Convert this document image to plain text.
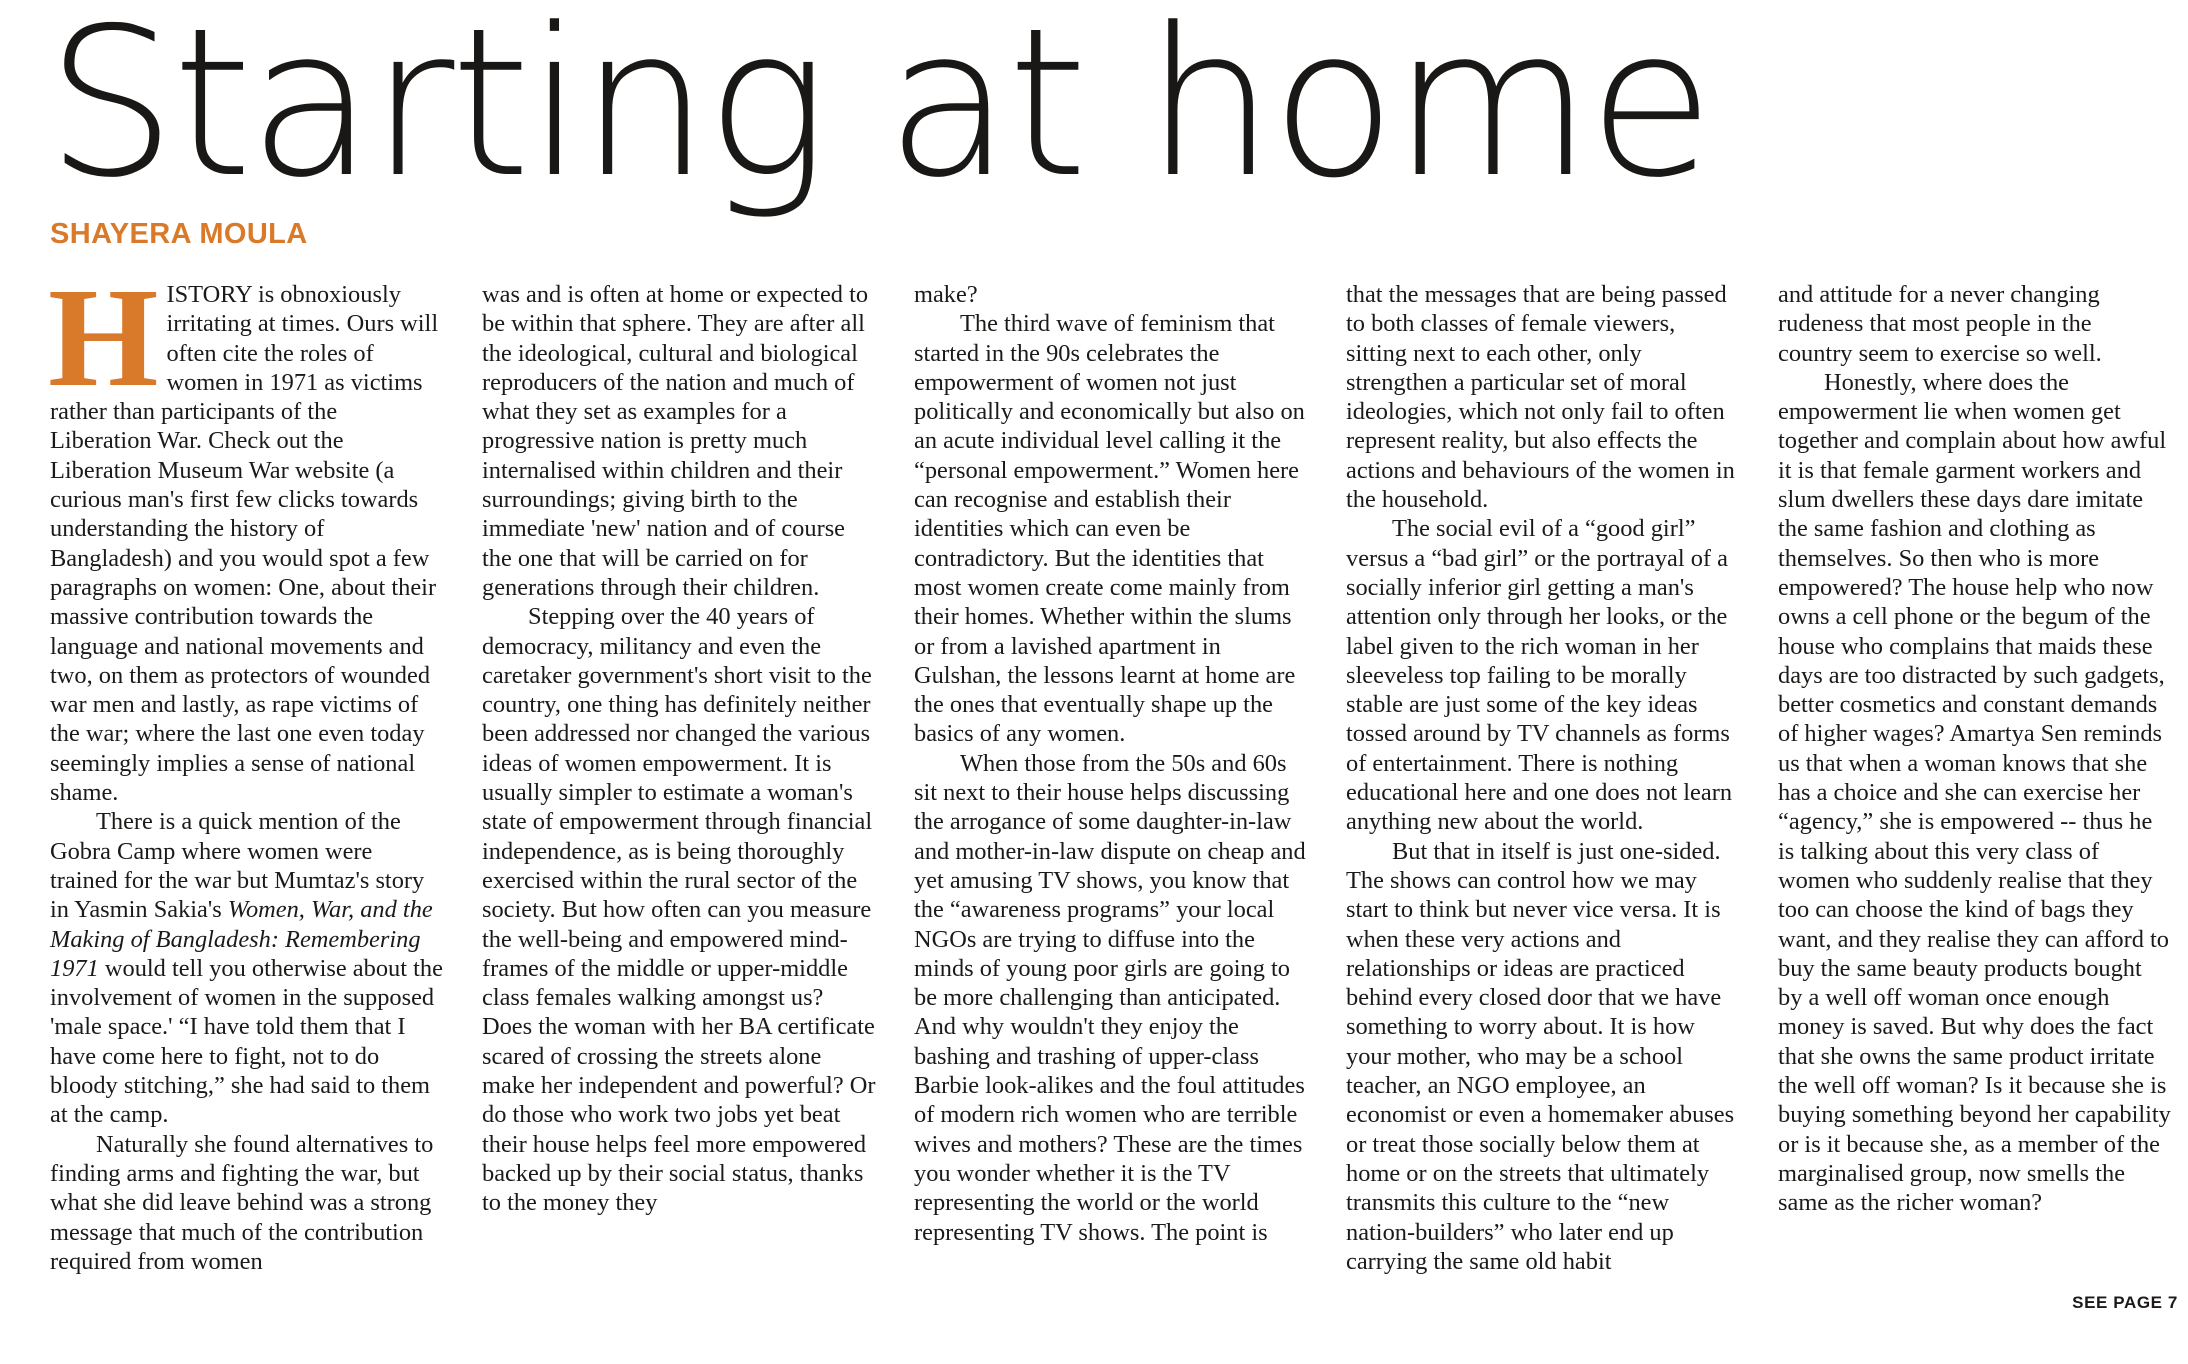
Starting at home
SHAYERA MOULA

HISTORY is obnoxiously irritating at times. Ours will often cite the roles of women in 1971 as victims rather than participants of the Liberation War. Check out the Liberation Museum War website (a curious man's first few clicks towards understanding the history of Bangladesh) and you would spot a few paragraphs on women: One, about their massive contribution towards the language and national movements and two, on them as protectors of wounded war men and lastly, as rape victims of the war; where the last one even today seemingly implies a sense of national shame.

There is a quick mention of the Gobra Camp where women were trained for the war but Mumtaz's story in Yasmin Sakia's Women, War, and the Making of Bangladesh: Remembering 1971 would tell you otherwise about the involvement of women in the supposed 'male space.' “I have told them that I have come here to fight, not to do bloody stitching,” she had said to them at the camp.

Naturally she found alternatives to finding arms and fighting the war, but what she did leave behind was a strong message that much of the contribution required from women

was and is often at home or expected to be within that sphere. They are after all the ideological, cultural and biological reproducers of the nation and much of what they set as examples for a progressive nation is pretty much internalised within children and their surroundings; giving birth to the immediate 'new' nation and of course the one that will be carried on for generations through their children.

Stepping over the 40 years of democracy, militancy and even the caretaker government's short visit to the country, one thing has definitely neither been addressed nor changed the various ideas of women empowerment. It is usually simpler to estimate a woman's state of empowerment through financial independence, as is being thoroughly exercised within the rural sector of the society. But how often can you measure the well-being and empowered mind-frames of the middle or upper-middle class females walking amongst us? Does the woman with her BA certificate scared of crossing the streets alone make her independent and powerful? Or do those who work two jobs yet beat their house helps feel more empowered backed up by their social status, thanks to the money they

make?

The third wave of feminism that started in the 90s celebrates the empowerment of women not just politically and economically but also on an acute individual level calling it the “personal empowerment.” Women here can recognise and establish their identities which can even be contradictory. But the identities that most women create come mainly from their homes. Whether within the slums or from a lavished apartment in Gulshan, the lessons learnt at home are the ones that eventually shape up the basics of any women.

When those from the 50s and 60s sit next to their house helps discussing the arrogance of some daughter-in-law and mother-in-law dispute on cheap and yet amusing TV shows, you know that the “awareness programs” your local NGOs are trying to diffuse into the minds of young poor girls are going to be more challenging than anticipated. And why wouldn't they enjoy the bashing and trashing of upper-class Barbie look-alikes and the foul attitudes of modern rich women who are terrible wives and mothers? These are the times you wonder whether it is the TV representing the world or the world representing TV shows. The point is

that the messages that are being passed to both classes of female viewers, sitting next to each other, only strengthen a particular set of moral ideologies, which not only fail to often represent reality, but also effects the actions and behaviours of the women in the household.

The social evil of a “good girl” versus a “bad girl” or the portrayal of a socially inferior girl getting a man's attention only through her looks, or the label given to the rich woman in her sleeveless top failing to be morally stable are just some of the key ideas tossed around by TV channels as forms of entertainment. There is nothing educational here and one does not learn anything new about the world.

But that in itself is just one-sided. The shows can control how we may start to think but never vice versa. It is when these very actions and relationships or ideas are practiced behind every closed door that we have something to worry about. It is how your mother, who may be a school teacher, an NGO employee, an economist or even a homemaker abuses or treat those socially below them at home or on the streets that ultimately transmits this culture to the “new nation-builders” who later end up carrying the same old habit

and attitude for a never changing rudeness that most people in the country seem to exercise so well.

Honestly, where does the empowerment lie when women get together and complain about how awful it is that female garment workers and slum dwellers these days dare imitate the same fashion and clothing as themselves. So then who is more empowered? The house help who now owns a cell phone or the begum of the house who complains that maids these days are too distracted by such gadgets, better cosmetics and constant demands of higher wages? Amartya Sen reminds us that when a woman knows that she has a choice and she can exercise her “agency,” she is empowered -- thus he is talking about this very class of women who suddenly realise that they too can choose the kind of bags they want, and they realise they can afford to buy the same beauty products bought by a well off woman once enough money is saved. But why does the fact that she owns the same product irritate the well off woman? Is it because she is buying something beyond her capability or is it because she, as a member of the marginalised group, now smells the same as the richer woman?

SEE PAGE 7
